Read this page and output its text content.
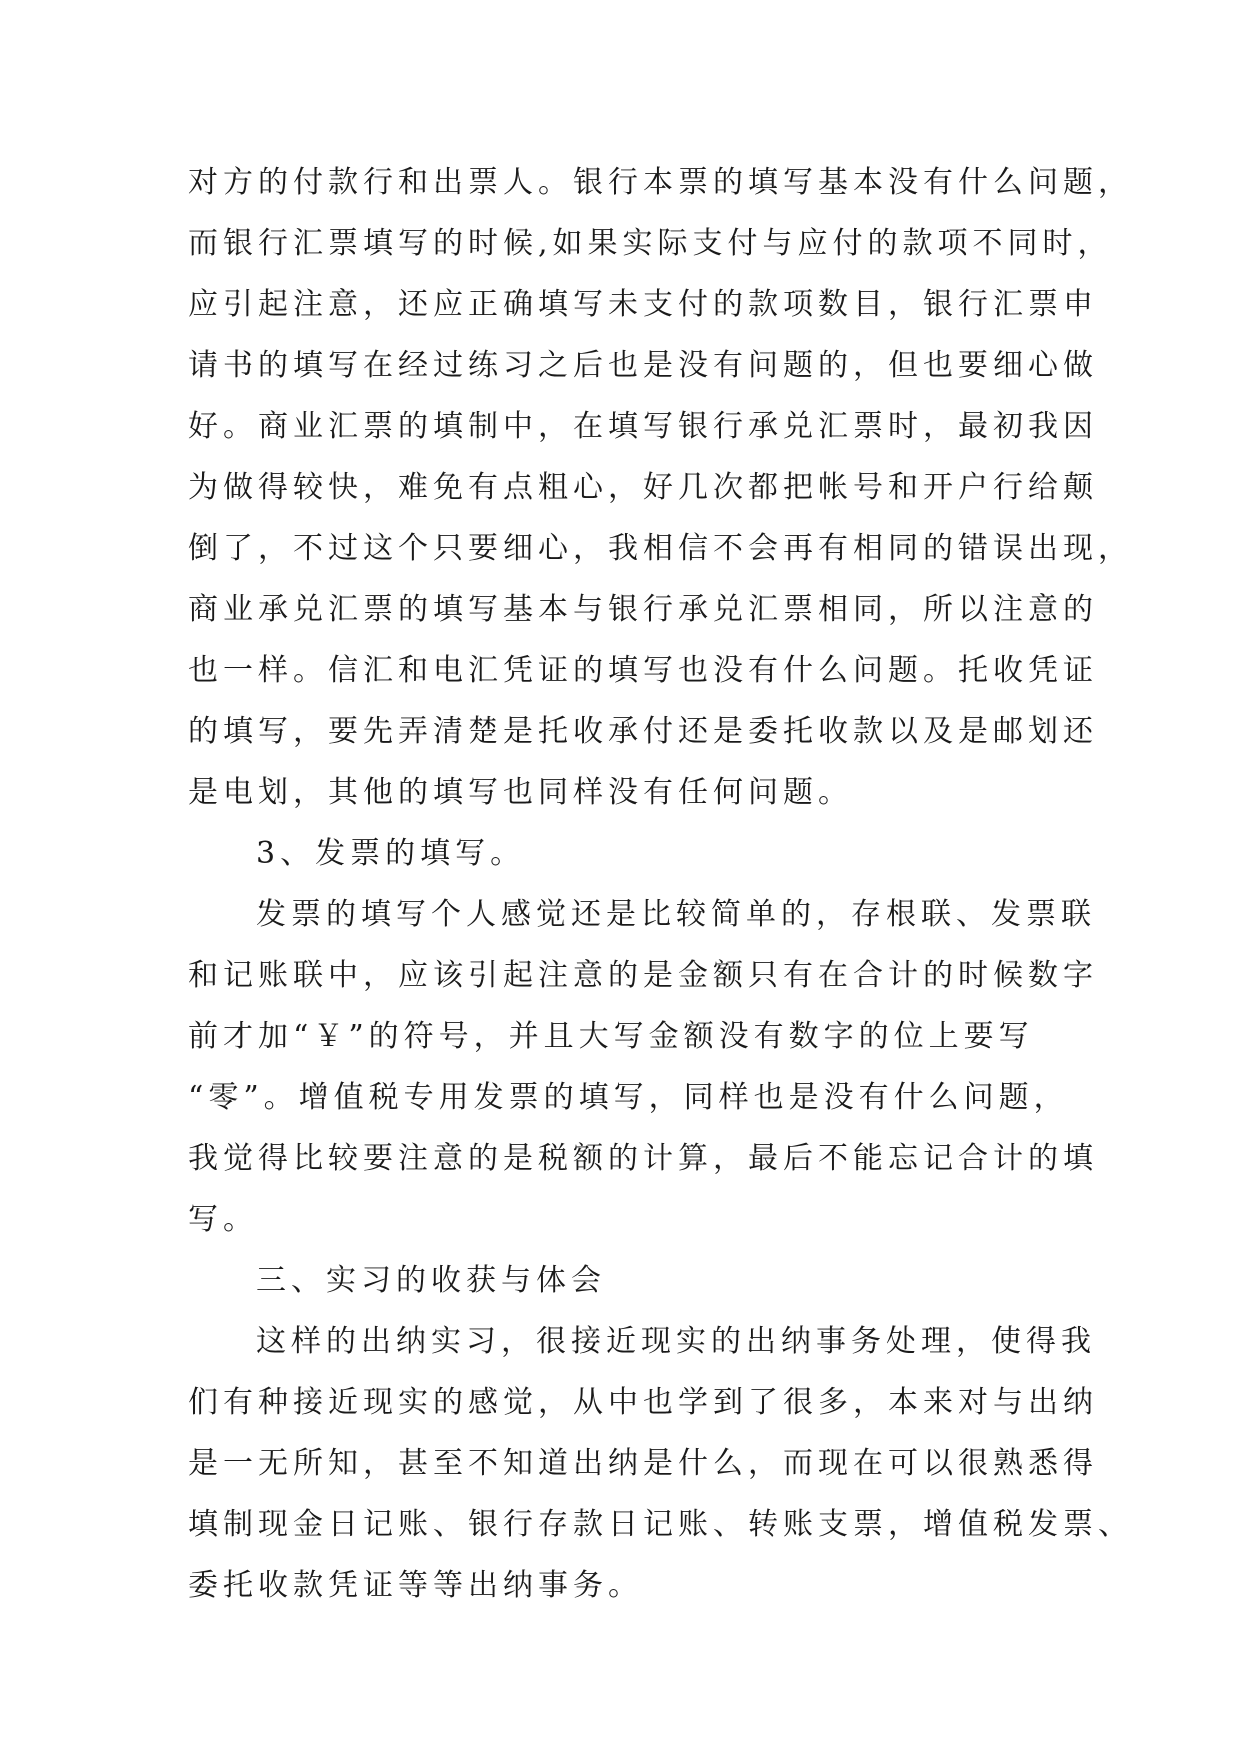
对方的付款行和出票人。银行本票的填写基本没有什么问题，
而银行汇票填写的时候,如果实际支付与应付的款项不同时，
应引起注意，还应正确填写未支付的款项数目，银行汇票申
请书的填写在经过练习之后也是没有问题的，但也要细心做
好。商业汇票的填制中，在填写银行承兑汇票时，最初我因
为做得较快，难免有点粗心，好几次都把帐号和开户行给颠
倒了，不过这个只要细心，我相信不会再有相同的错误出现，
商业承兑汇票的填写基本与银行承兑汇票相同，所以注意的
也一样。信汇和电汇凭证的填写也没有什么问题。托收凭证
的填写，要先弄清楚是托收承付还是委托收款以及是邮划还
是电划，其他的填写也同样没有任何问题。
3、发票的填写。
发票的填写个人感觉还是比较简单的，存根联、发票联
和记账联中，应该引起注意的是金额只有在合计的时候数字
前才加“￥”的符号，并且大写金额没有数字的位上要写
“零”。增值税专用发票的填写，同样也是没有什么问题，
我觉得比较要注意的是税额的计算，最后不能忘记合计的填
写。
三、实习的收获与体会
这样的出纳实习，很接近现实的出纳事务处理，使得我
们有种接近现实的感觉，从中也学到了很多，本来对与出纳
是一无所知，甚至不知道出纳是什么，而现在可以很熟悉得
填制现金日记账、银行存款日记账、转账支票，增值税发票、
委托收款凭证等等出纳事务。
